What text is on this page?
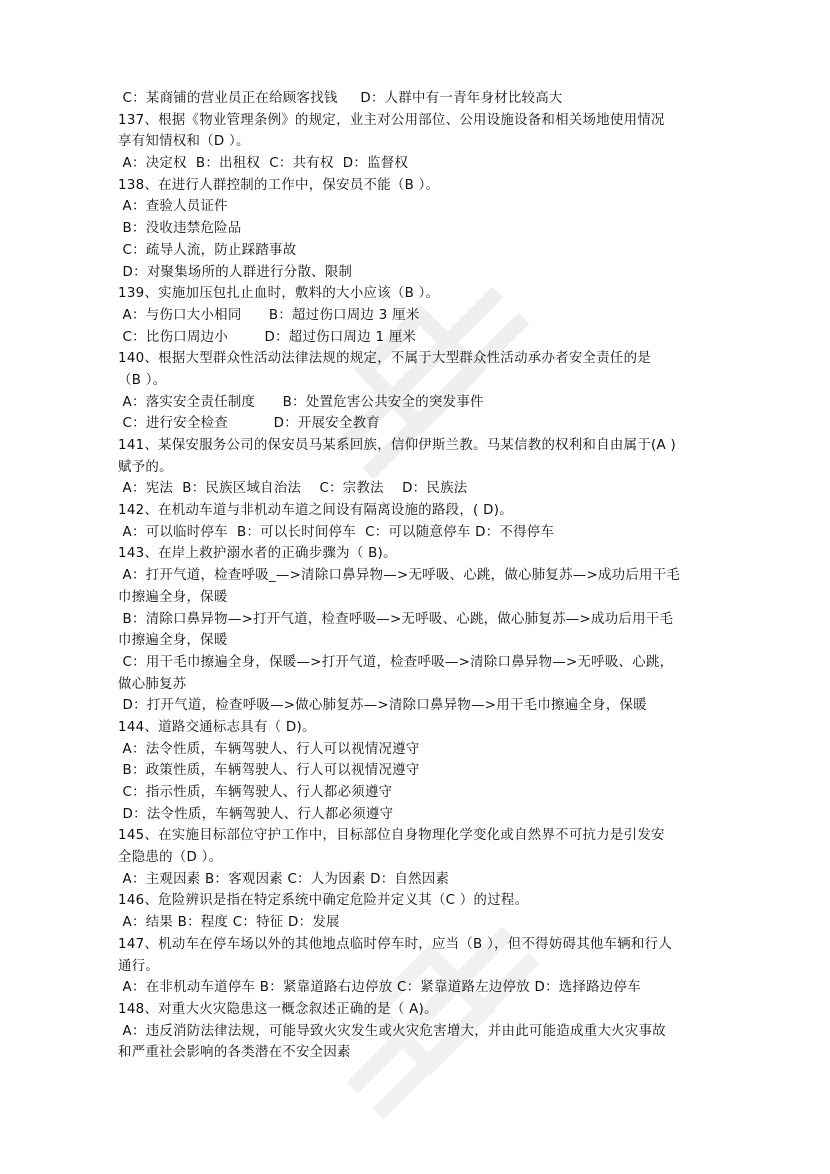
C：某商铺的营业员正在给顾客找钱     D：人群中有一青年身材比较高大
137、根据《物业管理条例》的规定，业主对公用部位、公用设施设备和相关场地使用情况
享有知情权和（D ）。
A：决定权  B：出租权  C：共有权  D：监督权
138、在进行人群控制的工作中，保安员不能（B ）。
A：查验人员证件
B：没收违禁危险品
C：疏导人流，防止踩踏事故
D：对聚集场所的人群进行分散、限制
139、实施加压包扎止血时，敷料的大小应该（B ）。
A：与伤口大小相同      B：超过伤口周边 3 厘米
C：比伤口周边小        D：超过伤口周边 1 厘米
140、根据大型群众性活动法律法规的规定，不属于大型群众性活动承办者安全责任的是
（B ）。
A：落实安全责任制度      B：处置危害公共安全的突发事件
C：进行安全检查          D：开展安全教育
141、某保安服务公司的保安员马某系回族，信仰伊斯兰教。马某信教的权利和自由属于(A )
赋予的。
A：宪法  B：民族区域自治法    C：宗教法    D：民族法
142、在机动车道与非机动车道之间设有隔离设施的路段，( D)。
A：可以临时停车  B：可以长时间停车  C：可以随意停车 D：不得停车
143、在岸上救护溺水者的正确步骤为（ B)。
A：打开气道，检查呼吸_—>清除口鼻异物—>无呼吸、心跳，做心肺复苏—>成功后用干毛
巾擦遍全身，保暖
B：清除口鼻异物—>打开气道，检查呼吸—>无呼吸、心跳，做心肺复苏—>成功后用干毛
巾擦遍全身，保暖
C：用干毛巾擦遍全身，保暖—>打开气道，检查呼吸—>清除口鼻异物—>无呼吸、心跳，
做心肺复苏
D：打开气道，检查呼吸—>做心肺复苏—>清除口鼻异物—>用干毛巾擦遍全身，保暖
144、道路交通标志具有（ D)。
A：法令性质，车辆驾驶人、行人可以视情况遵守
B：政策性质，车辆驾驶人、行人可以视情况遵守
C：指示性质，车辆驾驶人、行人都必须遵守
D：法令性质，车辆驾驶人、行人都必须遵守
145、在实施目标部位守护工作中，目标部位自身物理化学变化或自然界不可抗力是引发安
全隐患的（D ）。
A：主观因素 B：客观因素 C：人为因素 D：自然因素
146、危险辨识是指在特定系统中确定危险并定义其（C ）的过程。
A：结果 B：程度 C：特征 D：发展
147、机动车在停车场以外的其他地点临时停车时，应当（B ），但不得妨碍其他车辆和行人
通行。
A：在非机动车道停车 B：紧靠道路右边停放 C：紧靠道路左边停放 D：选择路边停车
148、对重大火灾隐患这一概念叙述正确的是（ A)。
A：违反消防法律法规，可能导致火灾发生或火灾危害增大，并由此可能造成重大火灾事故
和严重社会影响的各类潜在不安全因素
